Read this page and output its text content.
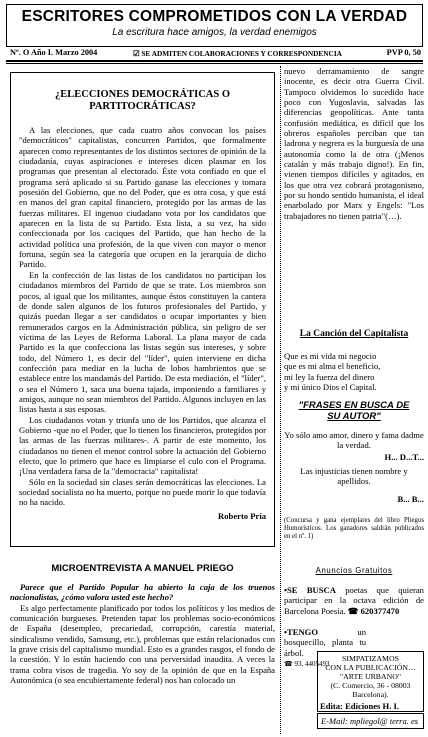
ESCRITORES COMPROMETIDOS CON LA VERDAD
La escritura hace amigos, la verdad enemigos
Nº. O Año I. Marzo 2004	☑ SE ADMITEN COLABORACIONES Y CORRESPONDENCIA	PVP 0, 50
¿ELECCIONES DEMOCRÁTICAS O
PARTITOCRÁTICAS?

A las elecciones, que cada cuatro años convocan los países "democráticos" capitalistas, concurren Partidos, que formalmente aparecen como representantes de los distintos sectores de opinión de la ciudadanía, cuyas aspiraciones e intereses dicen plasmar en los programas que presentan al electorado. Éste vota confiado en que el programa será aplicado si su Partido ganase las elecciones y tomara posesión del Gobierno, que no del Poder, que es otra cosa, y que está en manos del gran capital financiero, protegido por las armas de las fuerzas militares. El ingenuo ciudadano vota por los candidatos que aparecen en la lista de su Partido. Esta lista, a su vez, ha sido confeccionada por los caciques del Partido, que han hecho de la actividad política una profesión, de la que viven con mayor o menor fortuna, según sea la categoría que ocupen en la jerarquía de dicho Partido.

En la confección de las listas de los candidatos no participan los ciudadanos miembros del Partido de que se trate. Los miembros son pocos, al igual que los militantes, aunque éstos constituyen la cantera de donde salen algunos de los futuros profesionales del Partido, y quizás puedan llegar a ser candidatos o ocupar importantes y bien remunerados cargos en la Administración pública, sin peligro de ser víctima de las Leyes de Reforma Laboral. La plana mayor de cada Partido es la que confecciona las listas según sus intereses, y sobre todo, del Número 1, es decir del "líder", quien interviene en dicha confección para mediar en la lucha de lobos hambrientos que se establece entre los mandamás del Partido. De esta mediación, el "líder", o sea el Número 1, saca una buena tajada, imponiendo a familiares y amigos, aunque no sean miembros del Partido. Algunos incluyen en las listas hasta a sus esposas.

Los ciudadanos votan y triunfa uno de los Partidos, que alcanza el Gobierno -que no el Poder, que lo tienen los financieros, protegidos por las armas de las fuerzas militares-. A partir de este momento, los ciudadanos no tienen el menor control sobre la actuación del Gobierno electo, que lo primero que hace es limpiarse el culo con el Programa. ¡Una verdadera farsa de la "democracia" capitalista!

Sólo en la sociedad sin clases serán democráticas las elecciones. La sociedad socialista no ha muerto, porque no puede morir lo que todavía no ha nacido.

Roberto Pría
MICROENTREVISTA A MANUEL PRIEGO

Parece que el Partido Popular ha abierto la caja de los truenos nacionalistas, ¿cómo valora usted este hecho?

Es algo perfectamente planificado por todos los políticos y los medios de comunicación burgueses. Pretenden tapar los problemas socio-económicos de España (desempleo, precariedad, corrupción, carestía material, sindicalismo vendido, Samsung, etc.), problemas que están relacionados con la grave crisis del capitalismo mundial. Esto es a grandes rasgos, el fondo de la cuestión. Y lo están haciendo con una perversidad inaudita. A veces la trama cobra visos de tragedia. Yo soy de la opinión de que en la España Autonómica (o sea encubiertamente federal) nos han colocado un

nuevo derramamiento de sangre inocente, es decir otra Guerra Civil. Tampoco olvidemos lo sucedido hace poco con Yugoslavia, salvadas las diferencias geopolíticas. Ante tanta confusión mediática, es difícil que los obreros españoles perciban que tan ladrona y negrera es la burguesía de una autonomía como la de otra (¡Menos catalán y más trabajo digno!). En fin, vienen tiempos difíciles y agitados, en los que otra vez cobrará protagonismo, por su hondo sentido humanista, el ideal enarbolado por Marx y Engels: "Los trabajadores no tienen patria"(…).
La Canción del Capitalista
Que es mi vida mi negocio
que es mi alma el beneficio,
mi ley la fuerza del dinero
y mi único Dios el Capital.
"FRASES EN BUSCA DE
SU AUTOR"
Yo sólo amo amor, dinero y fama dadme la verdad.
H... D...T...
Las injusticias tienen nombre y apellidos.
B... B...
(Concursa y gana ejemplares del libro Pliegos Humorísticos. Los ganadores saldrán publicados en el nº. 1)
Anuncios Gratuitos
•SE BUSCA poetas que quieran participar en la octava edición de Barcelona Poesía. ☎ 620377470
•TENGO	un bosquecillo, planta tu árbol.
☎ 93. 4405493
SIMPATIZAMOS
CON LA PUBLICACIÓN… "ARTE URBANO"
(C. Comercio, 36 - 08003 Barcelona).
Edita: Ediciones H. I.
E-Mail: mpliegol@ terra. es
